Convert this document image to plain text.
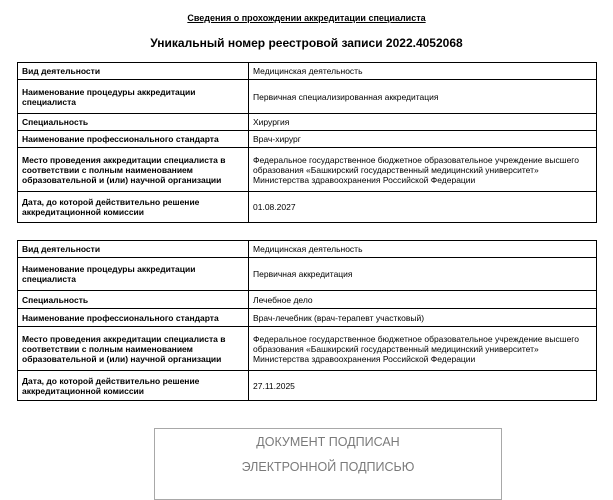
Сведения о прохождении аккредитации специалиста
Уникальный номер реестровой записи 2022.4052068
Вид деятельности	Медицинская деятельность
Наименование процедуры аккредитации специалиста	Первичная специализированная аккредитация
Специальность	Хирургия
Наименование профессионального стандарта	Врач-хирург
Место проведения аккредитации специалиста в соответствии с полным наименованием образовательной и (или) научной организации	Федеральное государственное бюджетное образовательное учреждение высшего образования «Башкирский государственный медицинский университет» Министерства здравоохранения Российской Федерации
Дата, до которой действительно решение аккредитационной комиссии	01.08.2027
Вид деятельности	Медицинская деятельность
Наименование процедуры аккредитации специалиста	Первичная аккредитация
Специальность	Лечебное дело
Наименование профессионального стандарта	Врач-лечебник (врач-терапевт участковый)
Место проведения аккредитации специалиста в соответствии с полным наименованием образовательной и (или) научной организации	Федеральное государственное бюджетное образовательное учреждение высшего образования «Башкирский государственный медицинский университет» Министерства здравоохранения Российской Федерации
Дата, до которой действительно решение аккредитационной комиссии	27.11.2025
ДОКУМЕНТ ПОДПИСАН
ЭЛЕКТРОННОЙ ПОДПИСЬЮ
